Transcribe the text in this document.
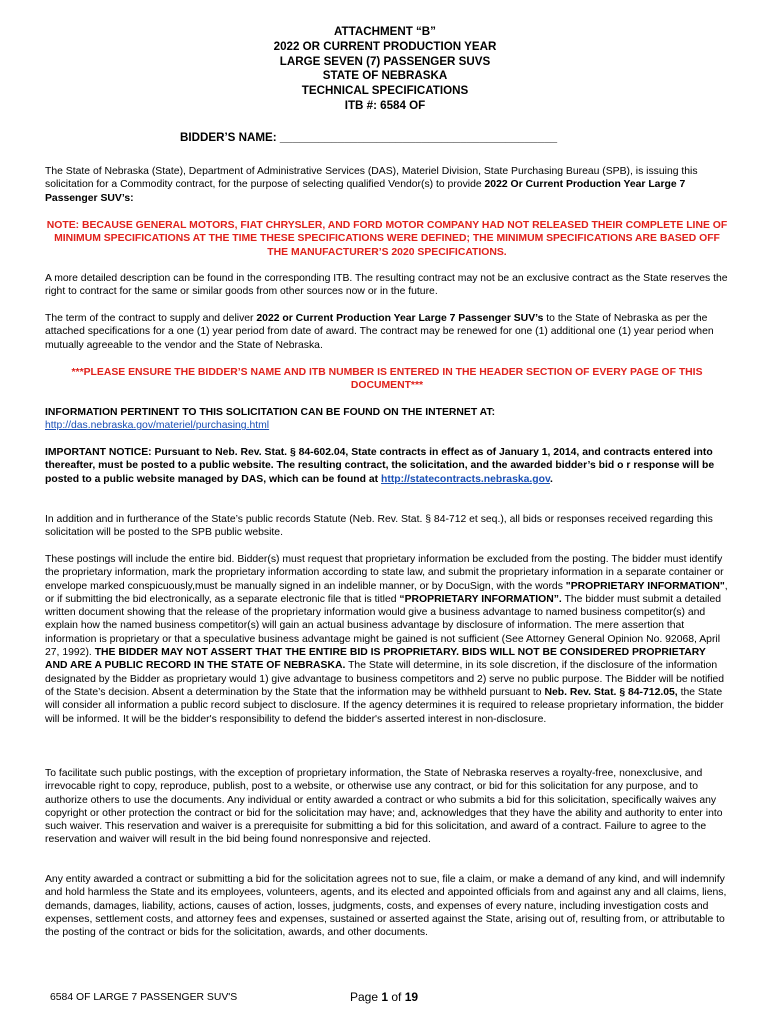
ATTACHMENT “B”
2022 OR CURRENT PRODUCTION YEAR
LARGE SEVEN (7) PASSENGER SUVS
STATE OF NEBRASKA
TECHNICAL SPECIFICATIONS
ITB #: 6584 OF
BIDDER’S NAME: ___________________________________________
The State of Nebraska (State), Department of Administrative Services (DAS), Materiel Division, State Purchasing Bureau (SPB), is issuing this solicitation for a Commodity contract, for the purpose of selecting qualified Vendor(s) to provide 2022 Or Current Production Year Large 7 Passenger SUV’s:
NOTE: BECAUSE GENERAL MOTORS, FIAT CHRYSLER, AND FORD MOTOR COMPANY HAD NOT RELEASED THEIR COMPLETE LINE OF MINIMUM SPECIFICATIONS AT THE TIME THESE SPECIFICATIONS WERE DEFINED; THE MINIMUM SPECIFICATIONS ARE BASED OFF THE MANUFACTURER’S 2020 SPECIFICATIONS.
A more detailed description can be found in the corresponding ITB. The resulting contract may not be an exclusive contract as the State reserves the right to contract for the same or similar goods from other sources now or in the future.
The term of the contract to supply and deliver 2022 or Current Production Year Large 7 Passenger SUV’s to the State of Nebraska as per the attached specifications for a one (1) year period from date of award. The contract may be renewed for one (1) additional one (1) year period when mutually agreeable to the vendor and the State of Nebraska.
***PLEASE ENSURE THE BIDDER’S NAME AND ITB NUMBER IS ENTERED IN THE HEADER SECTION OF EVERY PAGE OF THIS DOCUMENT***
INFORMATION PERTINENT TO THIS SOLICITATION CAN BE FOUND ON THE INTERNET AT:
http://das.nebraska.gov/materiel/purchasing.html
IMPORTANT NOTICE: Pursuant to Neb. Rev. Stat. § 84-602.04, State contracts in effect as of January 1, 2014, and contracts entered into thereafter, must be posted to a public website. The resulting contract, the solicitation, and the awarded bidder’s bid o r response will be posted to a public website managed by DAS, which can be found at http://statecontracts.nebraska.gov.
In addition and in furtherance of the State’s public records Statute (Neb. Rev. Stat. § 84-712 et seq.), all bids or responses received regarding this solicitation will be posted to the SPB public website.
These postings will include the entire bid. Bidder(s) must request that proprietary information be excluded from the posting. The bidder must identify the proprietary information, mark the proprietary information according to state law, and submit the proprietary information in a separate container or envelope marked conspicuously,must be manually signed in an indelible manner, or by DocuSign, with the words "PROPRIETARY INFORMATION", or if submitting the bid electronically, as a separate electronic file that is titled “PROPRIETARY INFORMATION”. The bidder must submit a detailed written document showing that the release of the proprietary information would give a business advantage to named business competitor(s) and explain how the named business competitor(s) will gain an actual business advantage by disclosure of information. The mere assertion that information is proprietary or that a speculative business advantage might be gained is not sufficient (See Attorney General Opinion No. 92068, April 27, 1992). THE BIDDER MAY NOT ASSERT THAT THE ENTIRE BID IS PROPRIETARY. BIDS WILL NOT BE CONSIDERED PROPRIETARY AND ARE A PUBLIC RECORD IN THE STATE OF NEBRASKA. The State will determine, in its sole discretion, if the disclosure of the information designated by the Bidder as proprietary would 1) give advantage to business competitors and 2) serve no public purpose. The Bidder will be notified of the State’s decision. Absent a determination by the State that the information may be withheld pursuant to Neb. Rev. Stat. § 84-712.05, the State will consider all information a public record subject to disclosure. If the agency determines it is required to release proprietary information, the bidder will be informed. It will be the bidder's responsibility to defend the bidder's asserted interest in non-disclosure.
To facilitate such public postings, with the exception of proprietary information, the State of Nebraska reserves a royalty-free, nonexclusive, and irrevocable right to copy, reproduce, publish, post to a website, or otherwise use any contract, or bid for this solicitation for any purpose, and to authorize others to use the documents. Any individual or entity awarded a contract or who submits a bid for this solicitation, specifically waives any copyright or other protection the contract or bid for the solicitation may have; and, acknowledges that they have the ability and authority to enter into such waiver. This reservation and waiver is a prerequisite for submitting a bid for this solicitation, and award of a contract. Failure to agree to the reservation and waiver will result in the bid being found nonresponsive and rejected.
Any entity awarded a contract or submitting a bid for the solicitation agrees not to sue, file a claim, or make a demand of any kind, and will indemnify and hold harmless the State and its employees, volunteers, agents, and its elected and appointed officials from and against any and all claims, liens, demands, damages, liability, actions, causes of action, losses, judgments, costs, and expenses of every nature, including investigation costs and expenses, settlement costs, and attorney fees and expenses, sustained or asserted against the State, arising out of, resulting from, or attributable to the posting of the contract or bids for the solicitation, awards, and other documents.
6584 OF LARGE 7 PASSENGER SUV'S	Page 1 of 19
